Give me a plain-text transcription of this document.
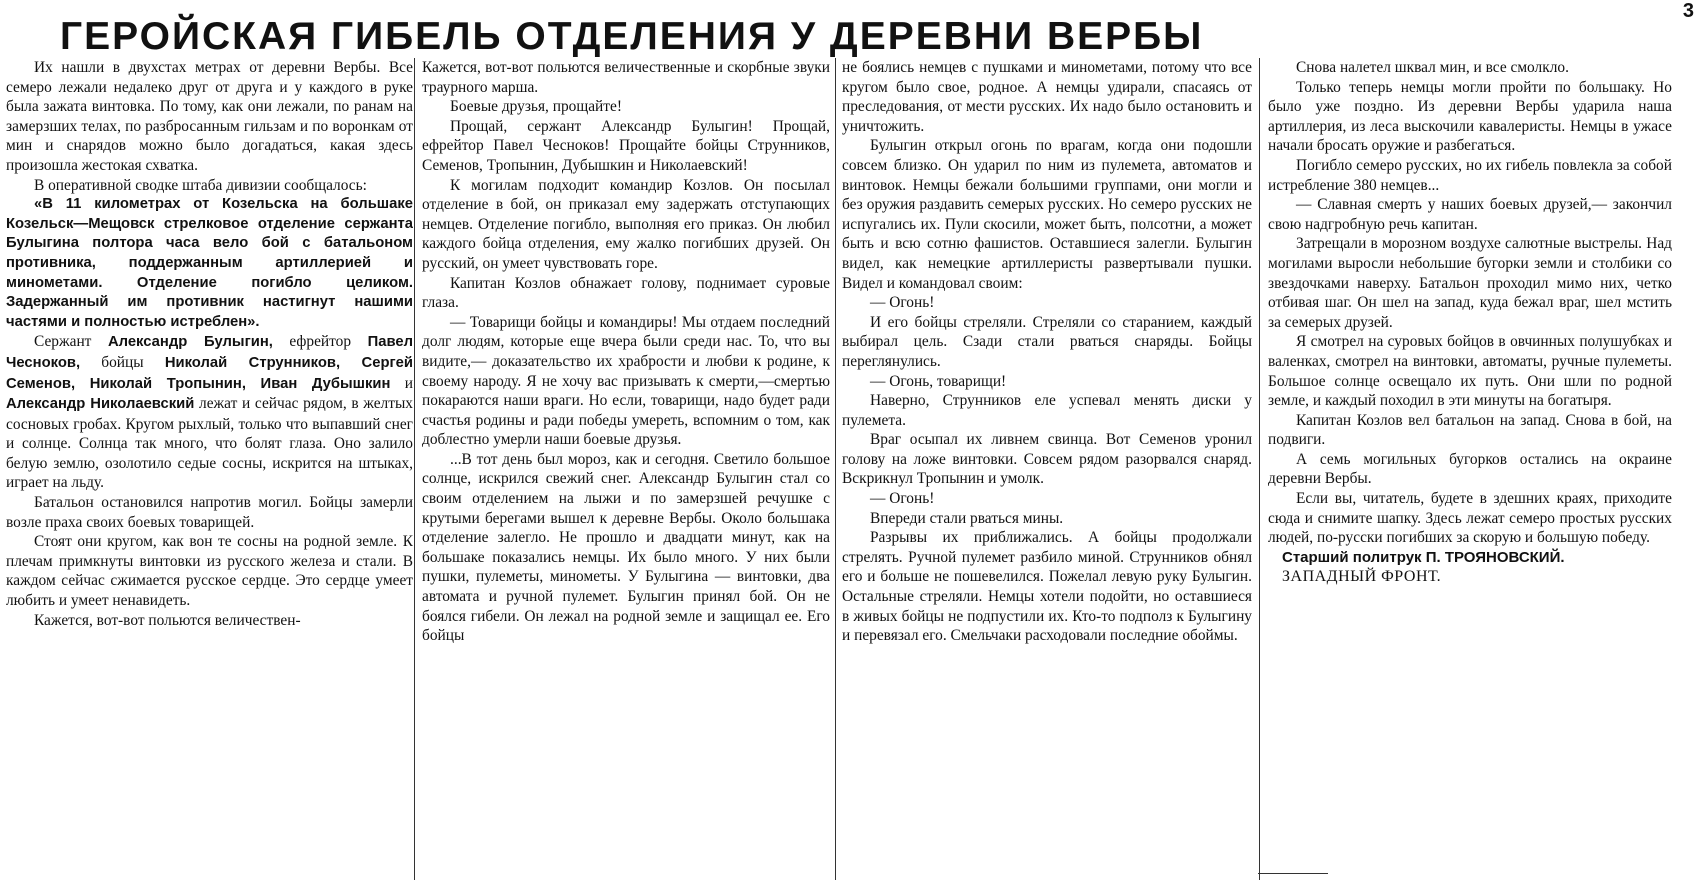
ГЕРОЙСКАЯ ГИБЕЛЬ ОТДЕЛЕНИЯ У ДЕРЕВНИ ВЕРБЫ
3

Их нашли в двухстах метрах от деревни Вербы. Все семеро лежали недалеко друг от друга и у каждого в руке была зажата винтовка. По тому, как они лежали, по ранам на замерзших телах, по разбросанным гильзам и по воронкам от мин и снарядов можно было догадаться, какая здесь произошла жестокая схватка.

В оперативной сводке штаба дивизии сообщалось:

«В 11 километрах от Козельска на большаке Козельск—Мещовск стрелковое отделение сержанта Булыгина полтора часа вело бой с батальоном противника, поддержанным артиллерией и минометами. Отделение погибло целиком. Задержанный им противник настигнут нашими частями и полностью истреблен».

Сержант Александр Булыгин, ефрейтор Павел Чесноков, бойцы Николай Струнников, Сергей Семенов, Николай Тропынин, Иван Дубышкин и Александр Николаевский лежат и сейчас рядом, в желтых сосновых гробах. Кругом рыхлый, только что выпавший снег и солнце. Солнца так много, что болят глаза. Оно залило белую землю, озолотило седые сосны, искрится на штыках, играет на льду.

Батальон остановился напротив могил. Бойцы замерли возле праха своих боевых товарищей.

Стоят они кругом, как вон те сосны на родной земле. К плечам примкнуты винтовки из русского железа и стали. В каждом сейчас сжимается русское сердце. Это сердце умеет любить и умеет ненавидеть.

Кажется, вот-вот польются величествен-

Кажется, вот-вот польются величественные и скорбные звуки траурного марша.

Боевые друзья, прощайте!

Прощай, сержант Александр Булыгин! Прощай, ефрейтор Павел Чесноков! Прощайте бойцы Струнников, Семенов, Тропынин, Дубышкин и Николаевский!

К могилам подходит командир Козлов. Он посылал отделение в бой, он приказал ему задержать отступающих немцев. Отделение погибло, выполняя его приказ. Он любил каждого бойца отделения, ему жалко погибших друзей. Он русский, он умеет чувствовать горе.

Капитан Козлов обнажает голову, поднимает суровые глаза.

— Товарищи бойцы и командиры! Мы отдаем последний долг людям, которые еще вчера были среди нас. То, что вы видите,— доказательство их храбрости и любви к родине, к своему народу. Я не хочу вас призывать к смерти,—смертью покараются наши враги. Но если, товарищи, надо будет ради счастья родины и ради победы умереть, вспомним о том, как доблестно умерли наши боевые друзья.

...В тот день был мороз, как и сегодня. Светило большое солнце, искрился свежий снег. Александр Булыгин стал со своим отделением на лыжи и по замерзшей речушке с крутыми берегами вышел к деревне Вербы. Около большака отделение залегло. Не прошло и двадцати минут, как на большаке показались немцы. Их было много. У них были пушки, пулеметы, минометы. У Булыгина — винтовки, два автомата и ручной пулемет. Булыгин принял бой. Он не боялся гибели. Он лежал на родной земле и защищал ее. Его бойцы

не боялись немцев с пушками и минометами, потому что все кругом было свое, родное. А немцы удирали, спасаясь от преследования, от мести русских. Их надо было остановить и уничтожить.

Булыгин открыл огонь по врагам, когда они подошли совсем близко. Он ударил по ним из пулемета, автоматов и винтовок. Немцы бежали большими группами, они могли и без оружия раздавить семерых русских. Но семеро русских не испугались их. Пули скосили, может быть, полсотни, а может быть и всю сотню фашистов. Оставшиеся залегли. Булыгин видел, как немецкие артиллеристы развертывали пушки. Видел и командовал своим:

— Огонь!

И его бойцы стреляли. Стреляли со старанием, каждый выбирал цель. Сзади стали рваться снаряды. Бойцы переглянулись.

— Огонь, товарищи!

Наверно, Струнников еле успевал менять диски у пулемета.

Враг осыпал их ливнем свинца. Вот Семенов уронил голову на ложе винтовки. Совсем рядом разорвался снаряд. Вскрикнул Тропынин и умолк.

— Огонь!

Впереди стали рваться мины.

Разрывы их приближались. А бойцы продолжали стрелять. Ручной пулемет разбило миной. Струнников обнял его и больше не пошевелился. Пожелал левую руку Булыгин. Остальные стреляли. Немцы хотели подойти, но оставшиеся в живых бойцы не подпустили их. Кто-то подполз к Булыгину и перевязал его. Смельчаки расходовали последние обоймы.

Снова налетел шквал мин, и все смолкло.

Только теперь немцы могли пройти по большаку. Но было уже поздно. Из деревни Вербы ударила наша артиллерия, из леса выскочили кавалеристы. Немцы в ужасе начали бросать оружие и разбегаться.

Погибло семеро русских, но их гибель повлекла за собой истребление 380 немцев...

— Славная смерть у наших боевых друзей,— закончил свою надгробную речь капитан.

Затрещали в морозном воздухе салютные выстрелы. Над могилами выросли небольшие бугорки земли и столбики со звездочками наверху. Батальон проходил мимо них, четко отбивая шаг. Он шел на запад, куда бежал враг, шел мстить за семерых друзей.

Я смотрел на суровых бойцов в овчинных полушубках и валенках, смотрел на винтовки, автоматы, ручные пулеметы. Большое солнце освещало их путь. Они шли по родной земле, и каждый походил в эти минуты на богатыря.

Капитан Козлов вел батальон на запад. Снова в бой, на подвиги.

А семь могильных бугорков остались на окраине деревни Вербы.

Если вы, читатель, будете в здешних краях, приходите сюда и снимите шапку. Здесь лежат семеро простых русских людей, по-русски погибших за скорую и большую победу.

Старший политрук П. ТРОЯНОВСКИЙ.

ЗАПАДНЫЙ ФРОНТ.
